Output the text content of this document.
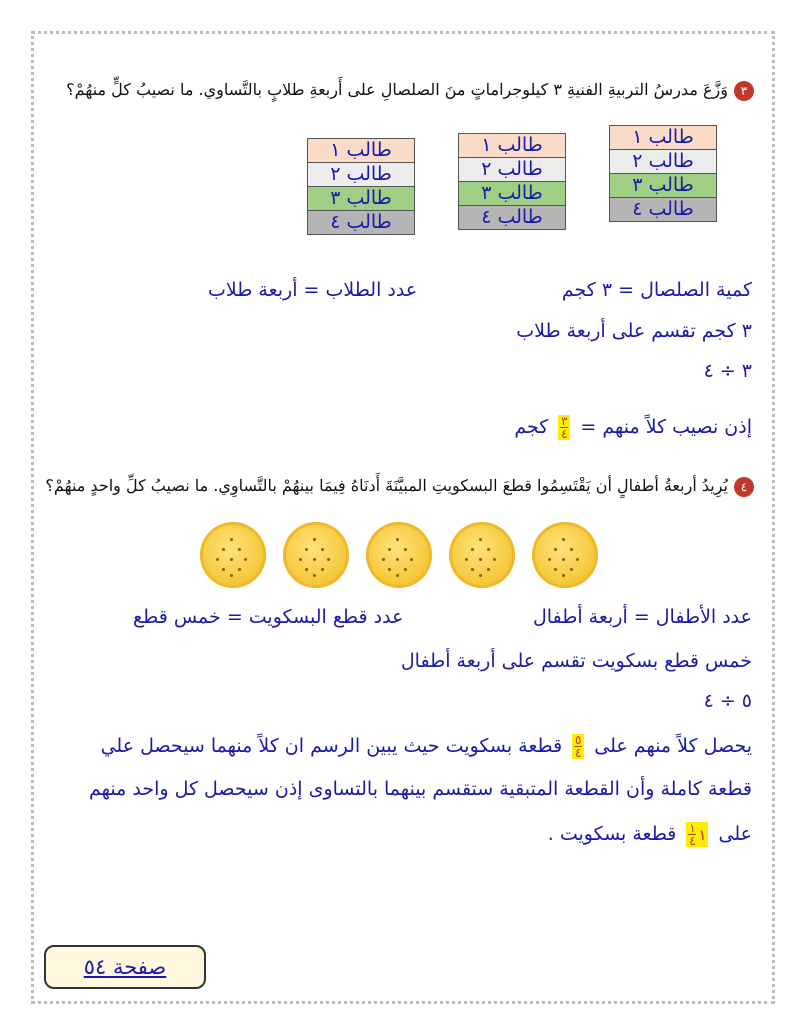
٣وَزَّعَ مدرسُ التربيةِ الفنيةِ ٣ كيلوجراماتٍ منَ الصلصالِ على أَربعةِ طلابٍ بالتَّساوي. ما نصيبُ كلٍّ منهُمْ؟
طالب ١
طالب ٢
طالب ٣
طالب ٤
طالب ١
طالب ٢
طالب ٣
طالب ٤
طالب ١
طالب ٢
طالب ٣
طالب ٤
كمية الصلصال = ٣ كجم
عدد الطلاب = أربعة طلاب
٣ كجم تقسم على أربعة طلاب
٣ ÷ ٤
إذن نصيب كلاً منهم =
$\frac{٣}{٤}$
كجم
٤يُرِيدُ أربعةُ أطفالٍ أن يَقْتَسِمُوا قطعَ البسكويتِ المبيَّنَةَ أَدنَاهُ فِيمَا بينهُمْ بالتَّساوِي. ما نصيبُ كلِّ واحدٍ منهُمْ؟
عدد الأطفال = أربعة أطفال
عدد قطع البسكويت = خمس قطع
خمس قطع بسكويت تقسم على أربعة أطفال
٥ ÷ ٤
يحصل كلاً منهم على
$\frac{٥}{٤}$
قطعة بسكويت حيث يبين الرسم ان كلاً منهما سيحصل علي
قطعة كاملة وأن القطعة المتبقية ستقسم بينهما بالتساوى إذن سيحصل كل واحد منهم
على
١
١
٤
قطعة بسكويت .
صفحة ٥٤
